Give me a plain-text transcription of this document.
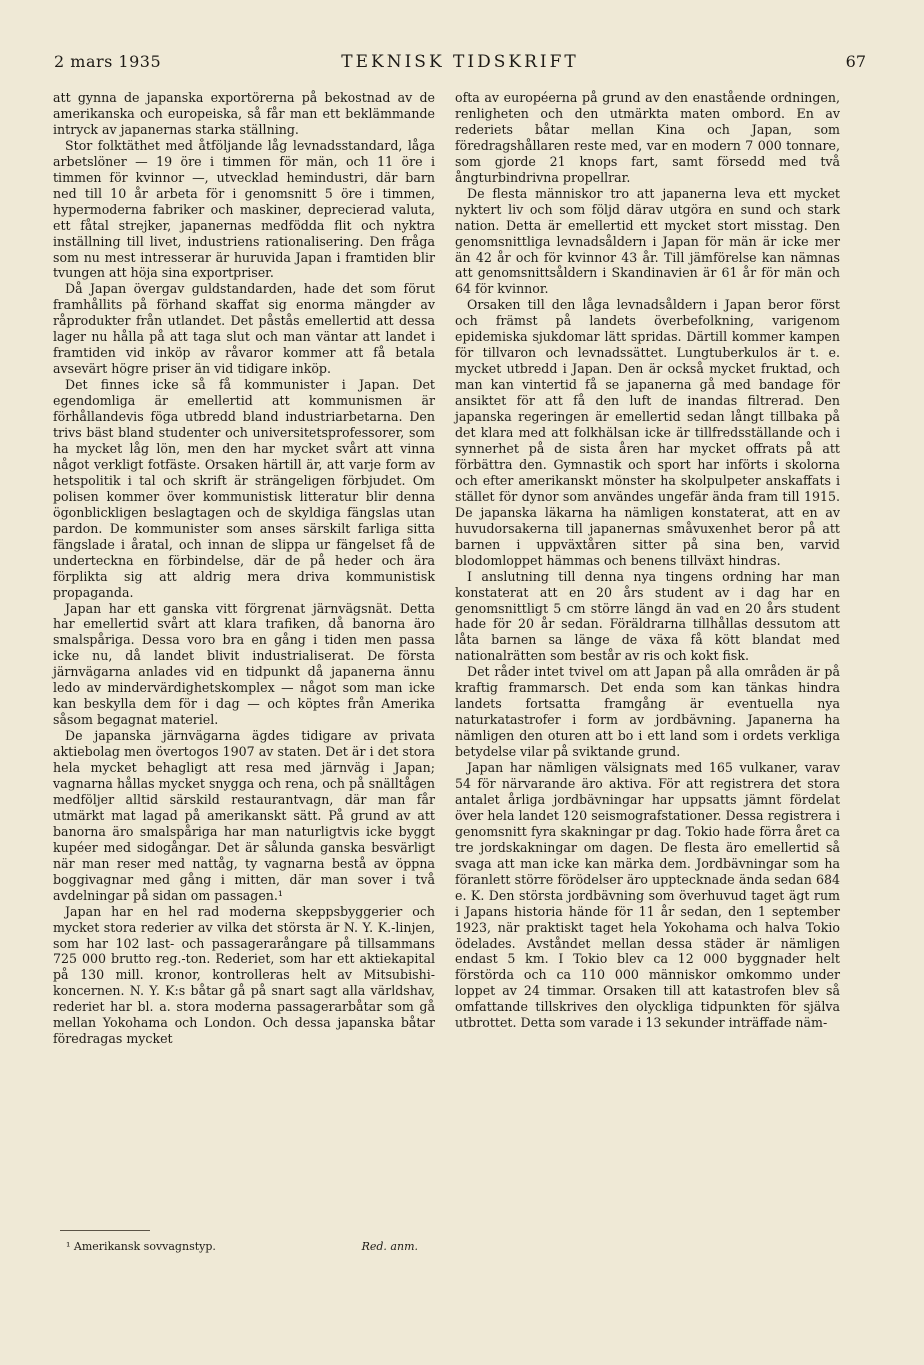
2 mars 1935	TEKNISK TIDSKRIFT	67

att gynna de japanska exportörerna på bekostnad av de amerikanska och europeiska, så får man ett beklämmande intryck av japanernas starka ställning.

Stor folktäthet med åtföljande låg levnadsstandard, låga arbetslöner — 19 öre i timmen för män, och 11 öre i timmen för kvinnor —, utvecklad hemindustri, där barn ned till 10 år arbeta för i genomsnitt 5 öre i timmen, hypermoderna fabriker och maskiner, deprecierad valuta, ett fåtal strejker, japanernas medfödda flit och nyktra inställning till livet, industriens rationalisering. Den fråga som nu mest intresserar är huruvida Japan i framtiden blir tvungen att höja sina exportpriser.

Då Japan övergav guldstandarden, hade det som förut framhållits på förhand skaffat sig enorma mängder av råprodukter från utlandet. Det påstås emellertid att dessa lager nu hålla på att taga slut och man väntar att landet i framtiden vid inköp av råvaror kommer att få betala avsevärt högre priser än vid tidigare inköp.

Det finnes icke så få kommunister i Japan. Det egendomliga är emellertid att kommunismen är förhållandevis föga utbredd bland industriarbetarna. Den trivs bäst bland studenter och universitetsprofessorer, som ha mycket låg lön, men den har mycket svårt att vinna något verkligt fotfäste. Orsaken härtill är, att varje form av hetspolitik i tal och skrift är strängeligen förbjudet. Om polisen kommer över kommunistisk litteratur blir denna ögonblickligen beslagtagen och de skyldiga fängslas utan pardon. De kommunister som anses särskilt farliga sitta fängslade i åratal, och innan de slippa ur fängelset få de underteckna en förbindelse, där de på heder och ära förplikta sig att aldrig mera driva kommunistisk propaganda.

Japan har ett ganska vitt förgrenat järnvägsnät. Detta har emellertid svårt att klara trafiken, då banorna äro smalspåriga. Dessa voro bra en gång i tiden men passa icke nu, då landet blivit industrialiserat. De första järnvägarna anlades vid en tidpunkt då japanerna ännu ledo av mindervärdighetskomplex — något som man icke kan beskylla dem för i dag — och köptes från Amerika såsom begagnat materiel.

De japanska järnvägarna ägdes tidigare av privata aktiebolag men övertogos 1907 av staten. Det är i det stora hela mycket behagligt att resa med järnväg i Japan; vagnarna hållas mycket snygga och rena, och på snälltågen medföljer alltid särskild restaurantvagn, där man får utmärkt mat lagad på amerikanskt sätt. På grund av att banorna äro smalspåriga har man naturligtvis icke byggt kupéer med sidogångar. Det är sålunda ganska besvärligt när man reser med nattåg, ty vagnarna bestå av öppna boggivagnar med gång i mitten, där man sover i två avdelningar på sidan om passagen.¹

Japan har en hel rad moderna skeppsbyggerier och mycket stora rederier av vilka det största är N. Y. K.-linjen, som har 102 last- och passagerarångare på tillsammans 725 000 brutto reg.-ton. Rederiet, som har ett aktiekapital på 130 mill. kronor, kontrolleras helt av Mitsubishi-koncernen. N. Y. K:s båtar gå på snart sagt alla världshav, rederiet har bl. a. stora moderna passagerarbåtar som gå mellan Yokohama och London. Och dessa japanska båtar föredragas mycket

ofta av européerna på grund av den enastående ordningen, renligheten och den utmärkta maten ombord. En av rederiets båtar mellan Kina och Japan, som föredragshållaren reste med, var en modern 7 000 tonnare, som gjorde 21 knops fart, samt försedd med två ångturbindrivna propellrar.

De flesta människor tro att japanerna leva ett mycket nyktert liv och som följd därav utgöra en sund och stark nation. Detta är emellertid ett mycket stort misstag. Den genomsnittliga levnadsåldern i Japan för män är icke mer än 42 år och för kvinnor 43 år. Till jämförelse kan nämnas att genomsnittsåldern i Skandinavien är 61 år för män och 64 för kvinnor.

Orsaken till den låga levnadsåldern i Japan beror först och främst på landets överbefolkning, varigenom epidemiska sjukdomar lätt spridas. Därtill kommer kampen för tillvaron och levnadssättet. Lungtuberkulos är t. e. mycket utbredd i Japan. Den är också mycket fruktad, och man kan vintertid få se japanerna gå med bandage för ansiktet för att få den luft de inandas filtrerad. Den japanska regeringen är emellertid sedan långt tillbaka på det klara med att folkhälsan icke är tillfredsställande och i synnerhet på de sista åren har mycket offrats på att förbättra den. Gymnastik och sport har införts i skolorna och efter amerikanskt mönster ha skolpulpeter anskaffats i stället för dynor som användes ungefär ända fram till 1915. De japanska läkarna ha nämligen konstaterat, att en av huvudorsakerna till japanernas småvuxenhet beror på att barnen i uppväxtåren sitter på sina ben, varvid blodomloppet hämmas och benens tillväxt hindras.

I anslutning till denna nya tingens ordning har man konstaterat att en 20 års student av i dag har en genomsnittligt 5 cm större längd än vad en 20 års student hade för 20 år sedan. Föräldrarna tillhållas dessutom att låta barnen sa länge de växa få kött blandat med nationalrätten som består av ris och kokt fisk.

Det råder intet tvivel om att Japan på alla områden är på kraftig frammarsch. Det enda som kan tänkas hindra landets fortsatta framgång är eventuella nya naturkatastrofer i form av jordbävning. Japanerna ha nämligen den oturen att bo i ett land som i ordets verkliga betydelse vilar på sviktande grund.

Japan har nämligen välsignats med 165 vulkaner, varav 54 för närvarande äro aktiva. För att registrera det stora antalet årliga jordbävningar har uppsatts jämnt fördelat över hela landet 120 seismografstationer. Dessa registrera i genomsnitt fyra skakningar pr dag. Tokio hade förra året ca tre jordskakningar om dagen. De flesta äro emellertid så svaga att man icke kan märka dem. Jordbävningar som ha föranlett större förödelser äro upptecknade ända sedan 684 e. K. Den största jordbävning som överhuvud taget ägt rum i Japans historia hände för 11 år sedan, den 1 september 1923, när praktiskt taget hela Yokohama och halva Tokio ödelades. Avståndet mellan dessa städer är nämligen endast 5 km. I Tokio blev ca 12 000 byggnader helt förstörda och ca 110 000 människor omkommo under loppet av 24 timmar. Orsaken till att katastrofen blev så omfattande tillskrives den olyckliga tidpunkten för själva utbrottet. Detta som varade i 13 sekunder inträffade näm-

¹ Amerikansk sovvagnstyp.	Red. anm.
